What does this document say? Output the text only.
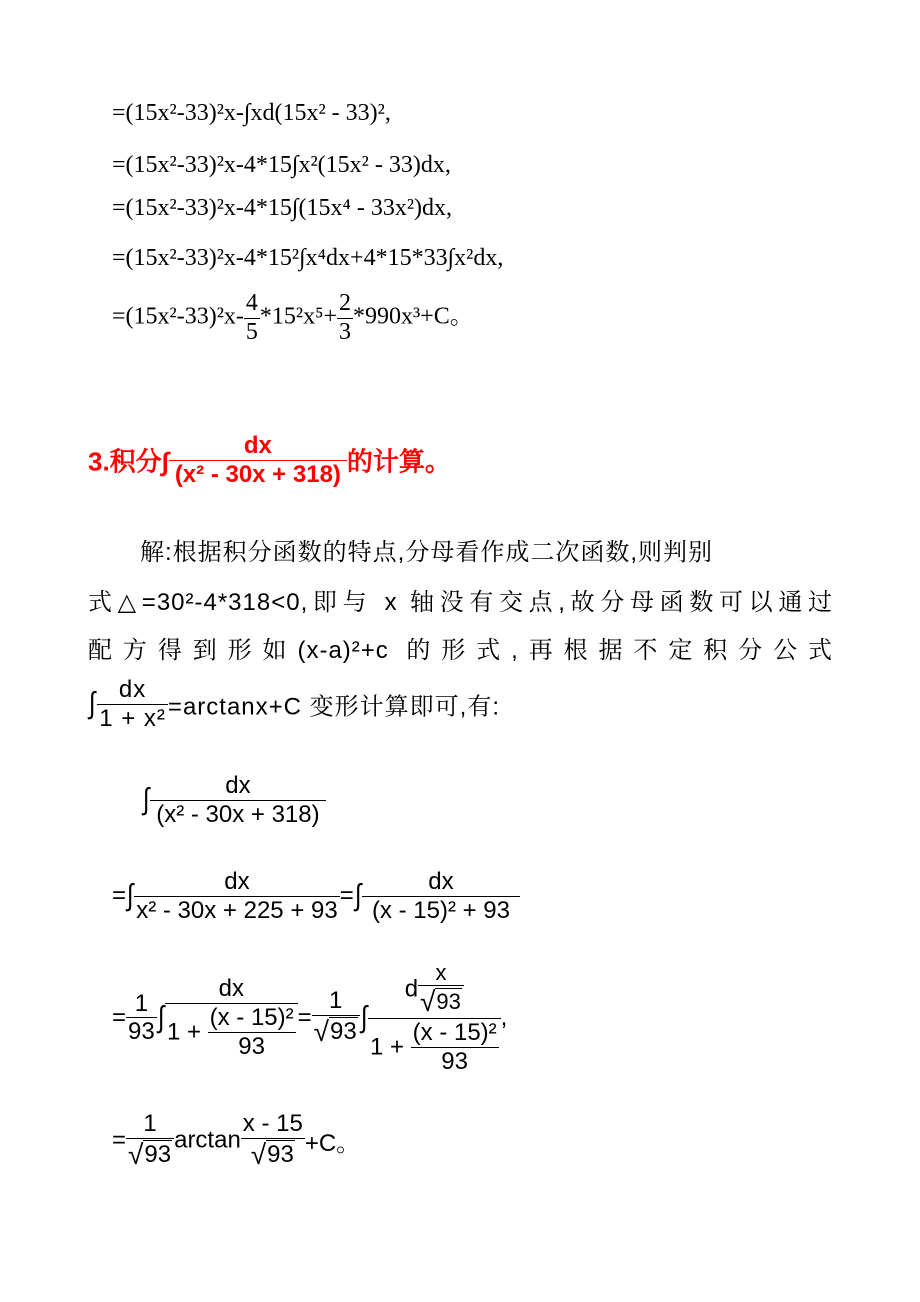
=(15x²-33)²x-∫xd(15x² - 33)²,
=(15x²-33)²x-4*15∫x²(15x² - 33)dx,
=(15x²-33)²x-4*15∫(15x⁴ - 33x²)dx,
=(15x²-33)²x-4*15²∫x⁴dx+4*15*33∫x²dx,
$=(15x^2-33)^2x- \frac{4}{5} *15^2x^5+ \frac{2}{3} *990x^3+C$。
3.积分∫ $\frac{dx}{\text{(x² - 30x + 318)}}$ 的计算。
解:根据积分函数的特点,分母看作成二次函数,则判别
式△=30²-4*318<0,即与 x 轴没有交点,故分母函数可以通过
配方得到形如(x-a)²+c 的形式,再根据不定积分公式
∫ $\frac{dx}{\text{1 + x²}} =\arctan x+C$ 变形计算即可,有:
∫ $\frac{dx}{\text{(x² - 30x + 318)}}$
=∫ $\frac{dx}{\text{x² - 30x + 225 + 93}}$ =∫ $\frac{dx}{\text{(x - 15)² + 93}}$
= $\frac{1}{93}$ ∫ $\frac{dx}{1 + \frac{\text{(x - 15)²}}{93}} = \frac{1}{√93}$ ∫ $\frac{d \frac{x}{√93}}{1 + \frac{\text{(x - 15)²}}{93}}$ ,
= $\frac{1}{√93}$ $\arctan \frac{x - 15}{√93} +C$。
